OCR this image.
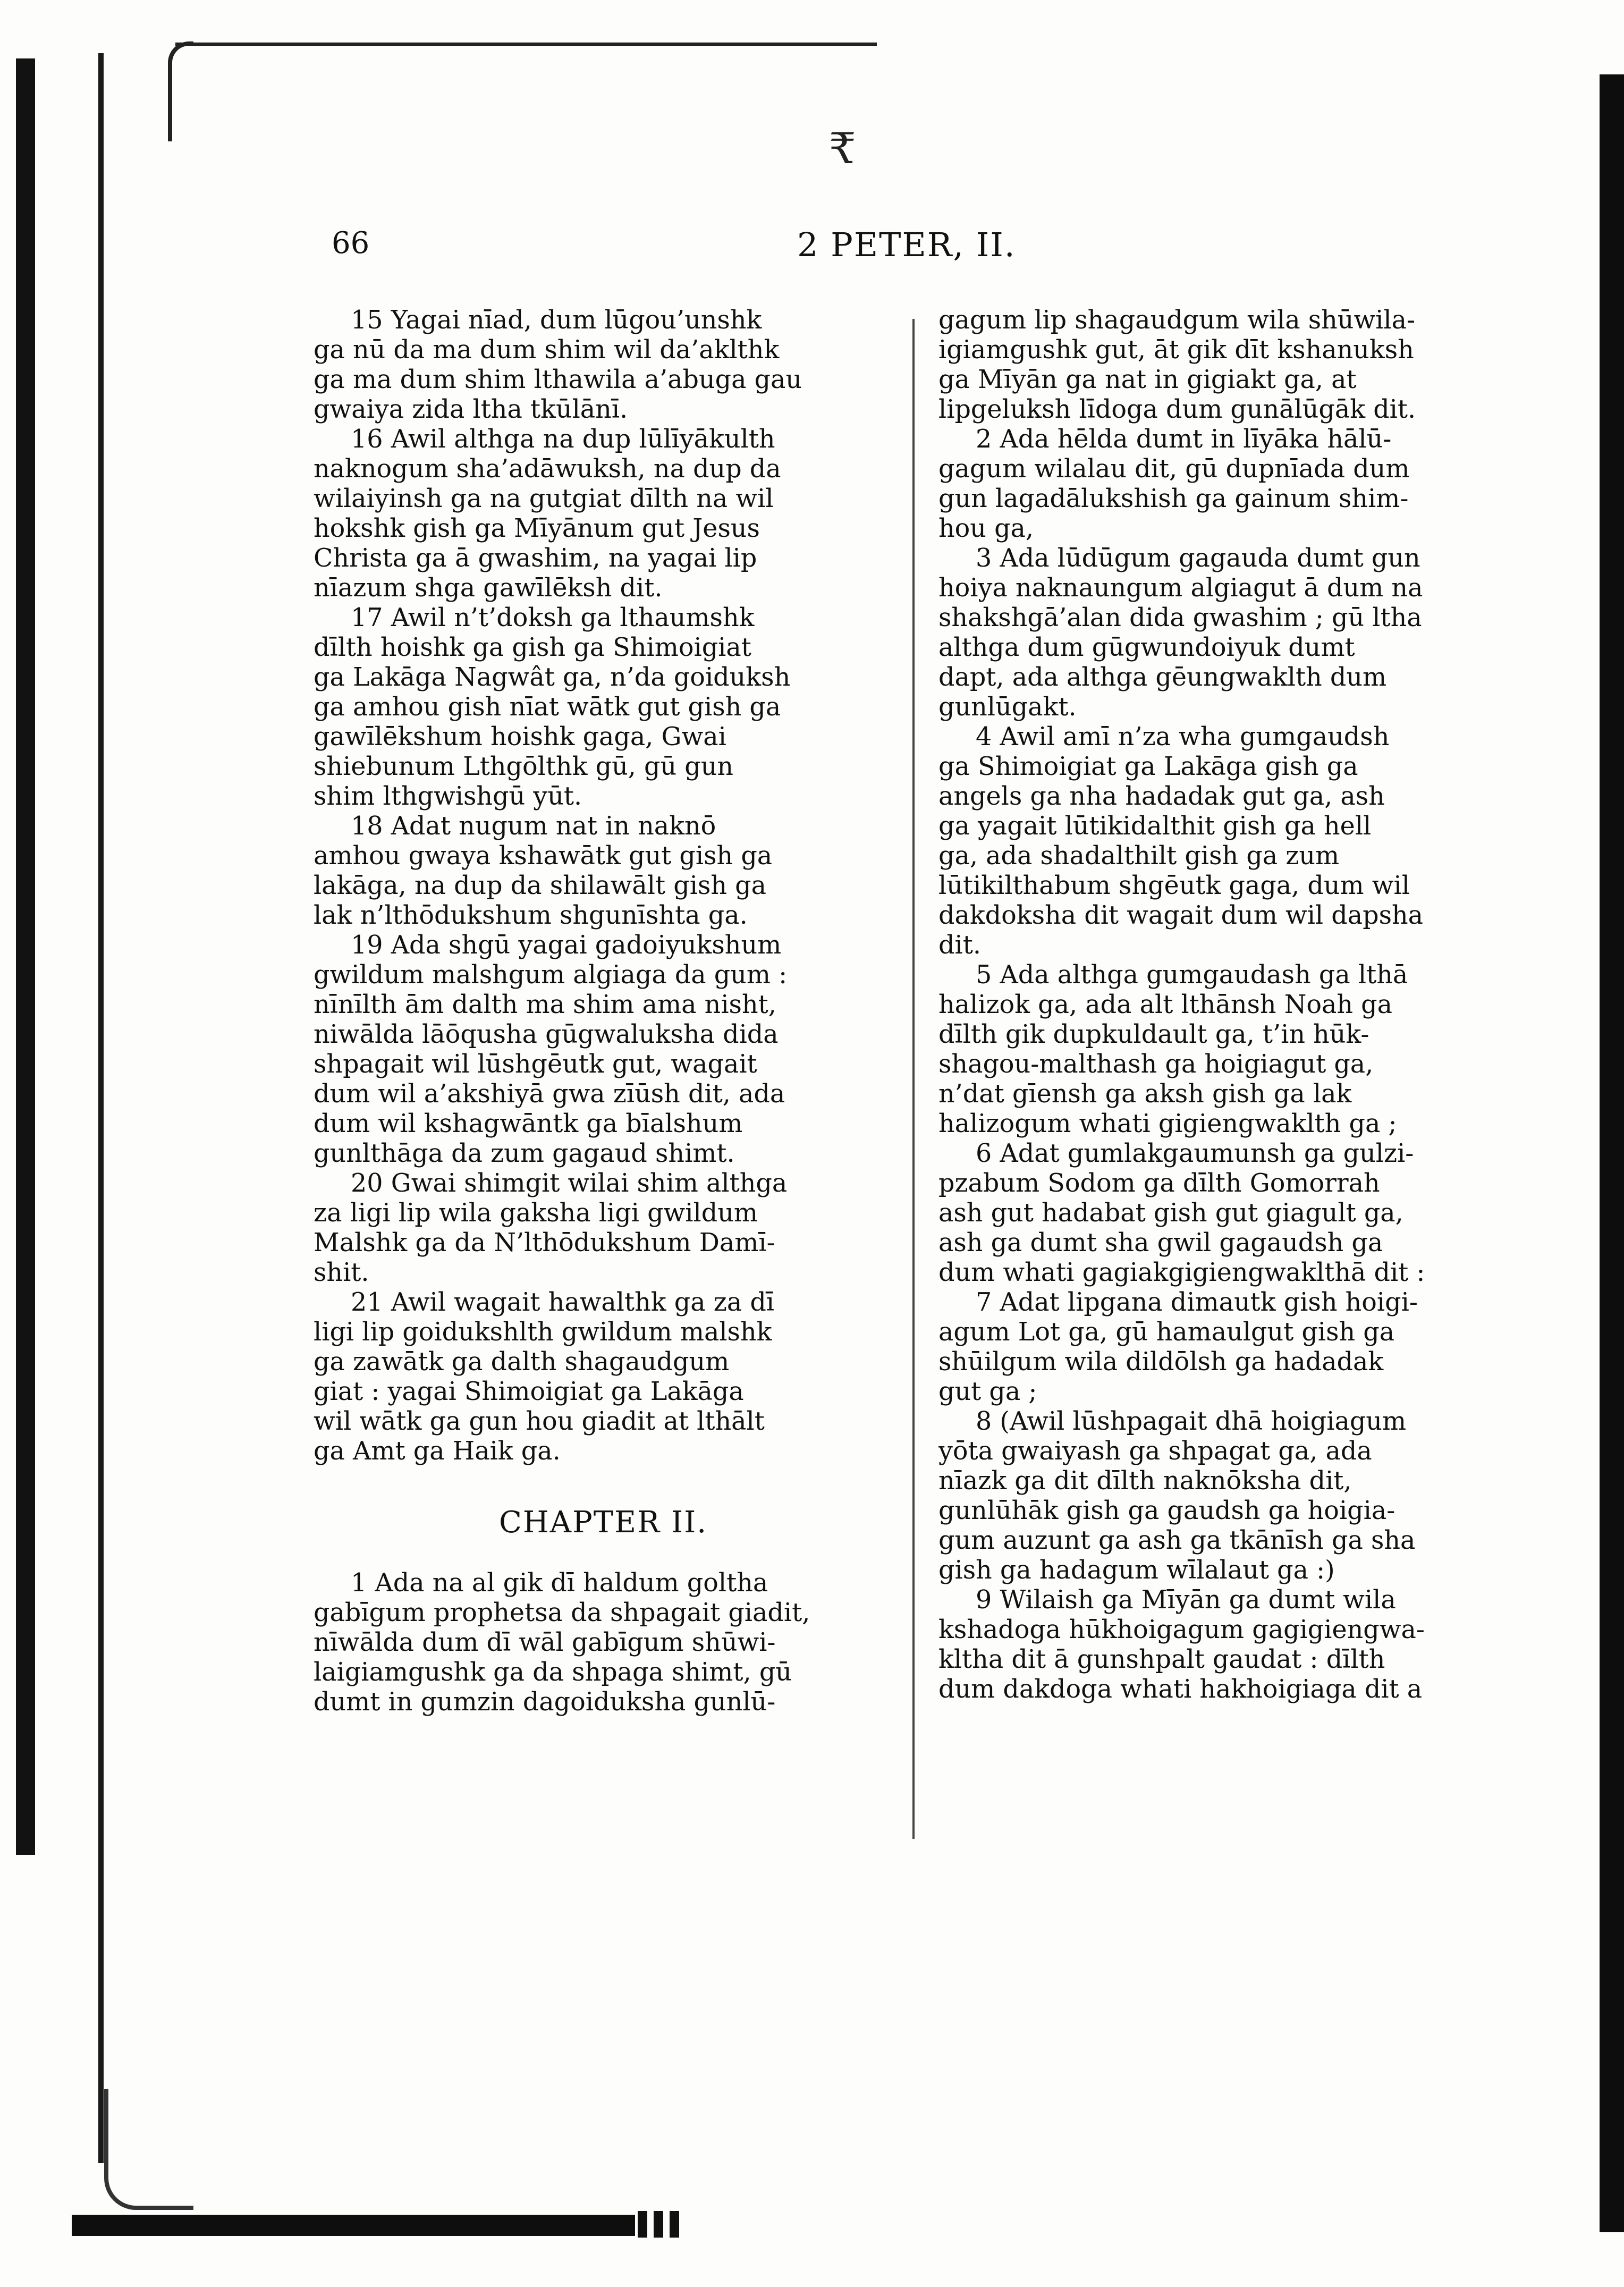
₹
66	2 PETER, II.
15 Yagai nīad, dum lūgou’unshk
ga nū da ma dum shim wil da’aklthk
ga ma dum shim lthawila a’abuga gau
gwaiya zida ltha tkūlānī.
16 Awil althga na dup lūlīyākulth
naknogum sha’adāwuksh, na dup da
wilaiyinsh ga na gutgiat dīlth na wil
hokshk gish ga Mīyānum gut Jesus
Christa ga ā gwashim, na yagai lip
nīazum shga gawīlēksh dit.
17 Awil n’t’doksh ga lthaumshk
dīlth hoishk ga gish ga Shimoigiat
ga Lakāga Nagwât ga, n’da goiduksh
ga amhou gish nīat wātk gut gish ga
gawīlēkshum hoishk gaga, Gwai
shiebunum Lthgōlthk gū, gū gun
shim lthgwishgū yūt.
18 Adat nugum nat in naknō
amhou gwaya kshawātk gut gish ga
lakāga, na dup da shilawālt gish ga
lak n’lthōdukshum shgunīshta ga.
19 Ada shgū yagai gadoiyukshum
gwildum malshgum algiaga da gum :
nīnīlth ām dalth ma shim ama nisht,
niwālda lāōqusha gūgwaluksha dida
shpagait wil lūshgēutk gut, wagait
dum wil a’akshiyā gwa zīūsh dit, ada
dum wil kshagwāntk ga bīalshum
gunlthāga da zum gagaud shimt.
20 Gwai shimgit wilai shim althga
za ligi lip wila gaksha ligi gwildum
Malshk ga da N’lthōdukshum Damī-
shit.
21 Awil wagait hawalthk ga za dī
ligi lip goidukshlth gwildum malshk
ga zawātk ga dalth shagaudgum
giat : yagai Shimoigiat ga Lakāga
wil wātk ga gun hou giadit at lthālt
ga Amt ga Haik ga.
CHAPTER II.
1 Ada na al gik dī haldum goltha
gabīgum prophetsa da shpagait giadit,
nīwālda dum dī wāl gabīgum shūwi-
laigiamgushk ga da shpaga shimt, gū
dumt in gumzin dagoiduksha gunlū-
gagum lip shagaudgum wila shūwila-
igiamgushk gut, āt gik dīt kshanuksh
ga Mīyān ga nat in gigiakt ga, at
lipgeluksh līdoga dum gunālūgāk dit.
2 Ada hēlda dumt in līyāka hālū-
gagum wilalau dit, gū dupnīada dum
gun lagadālukshish ga gainum shim-
hou ga,
3 Ada lūdūgum gagauda dumt gun
hoiya naknaungum algiagut ā dum na
shakshgā’alan dida gwashim ; gū ltha
althga dum gūgwundoiyuk dumt
dapt, ada althga gēungwaklth dum
gunlūgakt.
4 Awil amī n’za wha gumgaudsh
ga Shimoigiat ga Lakāga gish ga
angels ga nha hadadak gut ga, ash
ga yagait lūtikidalthit gish ga hell
ga, ada shadalthilt gish ga zum
lūtikilthabum shgēutk gaga, dum wil
dakdoksha dit wagait dum wil dapsha
dit.
5 Ada althga gumgaudash ga lthā
halizok ga, ada alt lthānsh Noah ga
dīlth gik dupkuldault ga, t’in hūk-
shagou-malthash ga hoigiagut ga,
n’dat gīensh ga aksh gish ga lak
halizogum whati gigiengwaklth ga ;
6 Adat gumlakgaumunsh ga gulzi-
pzabum Sodom ga dīlth Gomorrah
ash gut hadabat gish gut giagult ga,
ash ga dumt sha gwil gagaudsh ga
dum whati gagiakgigiengwaklthā dit :
7 Adat lipgana dimautk gish hoigi-
agum Lot ga, gū hamaulgut gish ga
shūilgum wila dildōlsh ga hadadak
gut ga ;
8 (Awil lūshpagait dhā hoigiagum
yōta gwaiyash ga shpagat ga, ada
nīazk ga dit dīlth naknōksha dit,
gunlūhāk gish ga gaudsh ga hoigia-
gum auzunt ga ash ga tkānīsh ga sha
gish ga hadagum wīlalaut ga :)
9 Wilaish ga Mīyān ga dumt wila
kshadoga hūkhoigagum gagigiengwa-
kltha dit ā gunshpalt gaudat : dīlth
dum dakdoga whati hakhoigiaga dit a
